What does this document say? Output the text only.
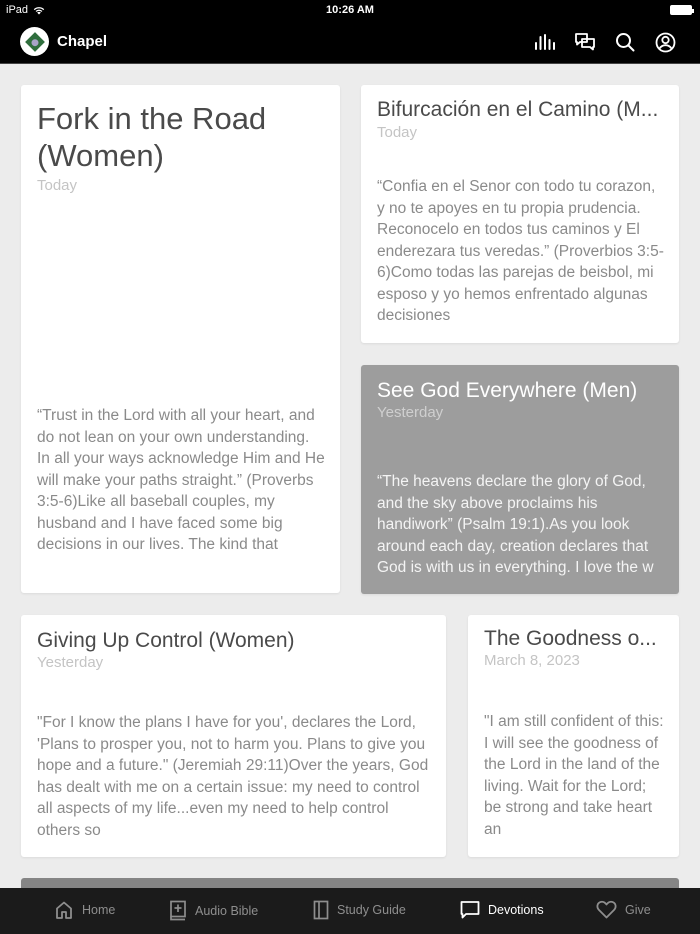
iPad	10:26 AM
Chapel
Fork in the Road (Women)
Today
“Trust in the Lord with all your heart, and do not lean on your own understanding. In all your ways acknowledge Him and He will make your paths straight.” (Proverbs 3:5-6)Like all baseball couples, my husband and I have faced some big decisions in our lives. The kind that
Bifurcación en el Camino (M...
Today
“Confia en el Senor con todo tu corazon, y no te apoyes en tu propia prudencia. Reconocelo en todos tus caminos y El enderezara tus veredas.” (Proverbios 3:5-6)Como todas las parejas de beisbol, mi esposo y yo hemos enfrentado algunas decisiones
See God Everywhere (Men)
Yesterday
“The heavens declare the glory of God, and the sky above proclaims his handiwork” (Psalm 19:1).As you look around each day, creation declares that God is with us in everything. I love the w
Giving Up Control (Women)
Yesterday
"For I know the plans I have for you', declares the Lord, 'Plans to prosper you, not to harm you. Plans to give you hope and a future." (Jeremiah 29:11)Over the years, God has dealt with me on a certain issue: my need to control all aspects of my life...even my need to help control others so
The Goodness o...
March 8, 2023
"I am still confident of this: I will see the goodness of the Lord in the land of the living. Wait for the Lord; be strong and take heart an
Home	Audio Bible	Study Guide	Devotions	Give
